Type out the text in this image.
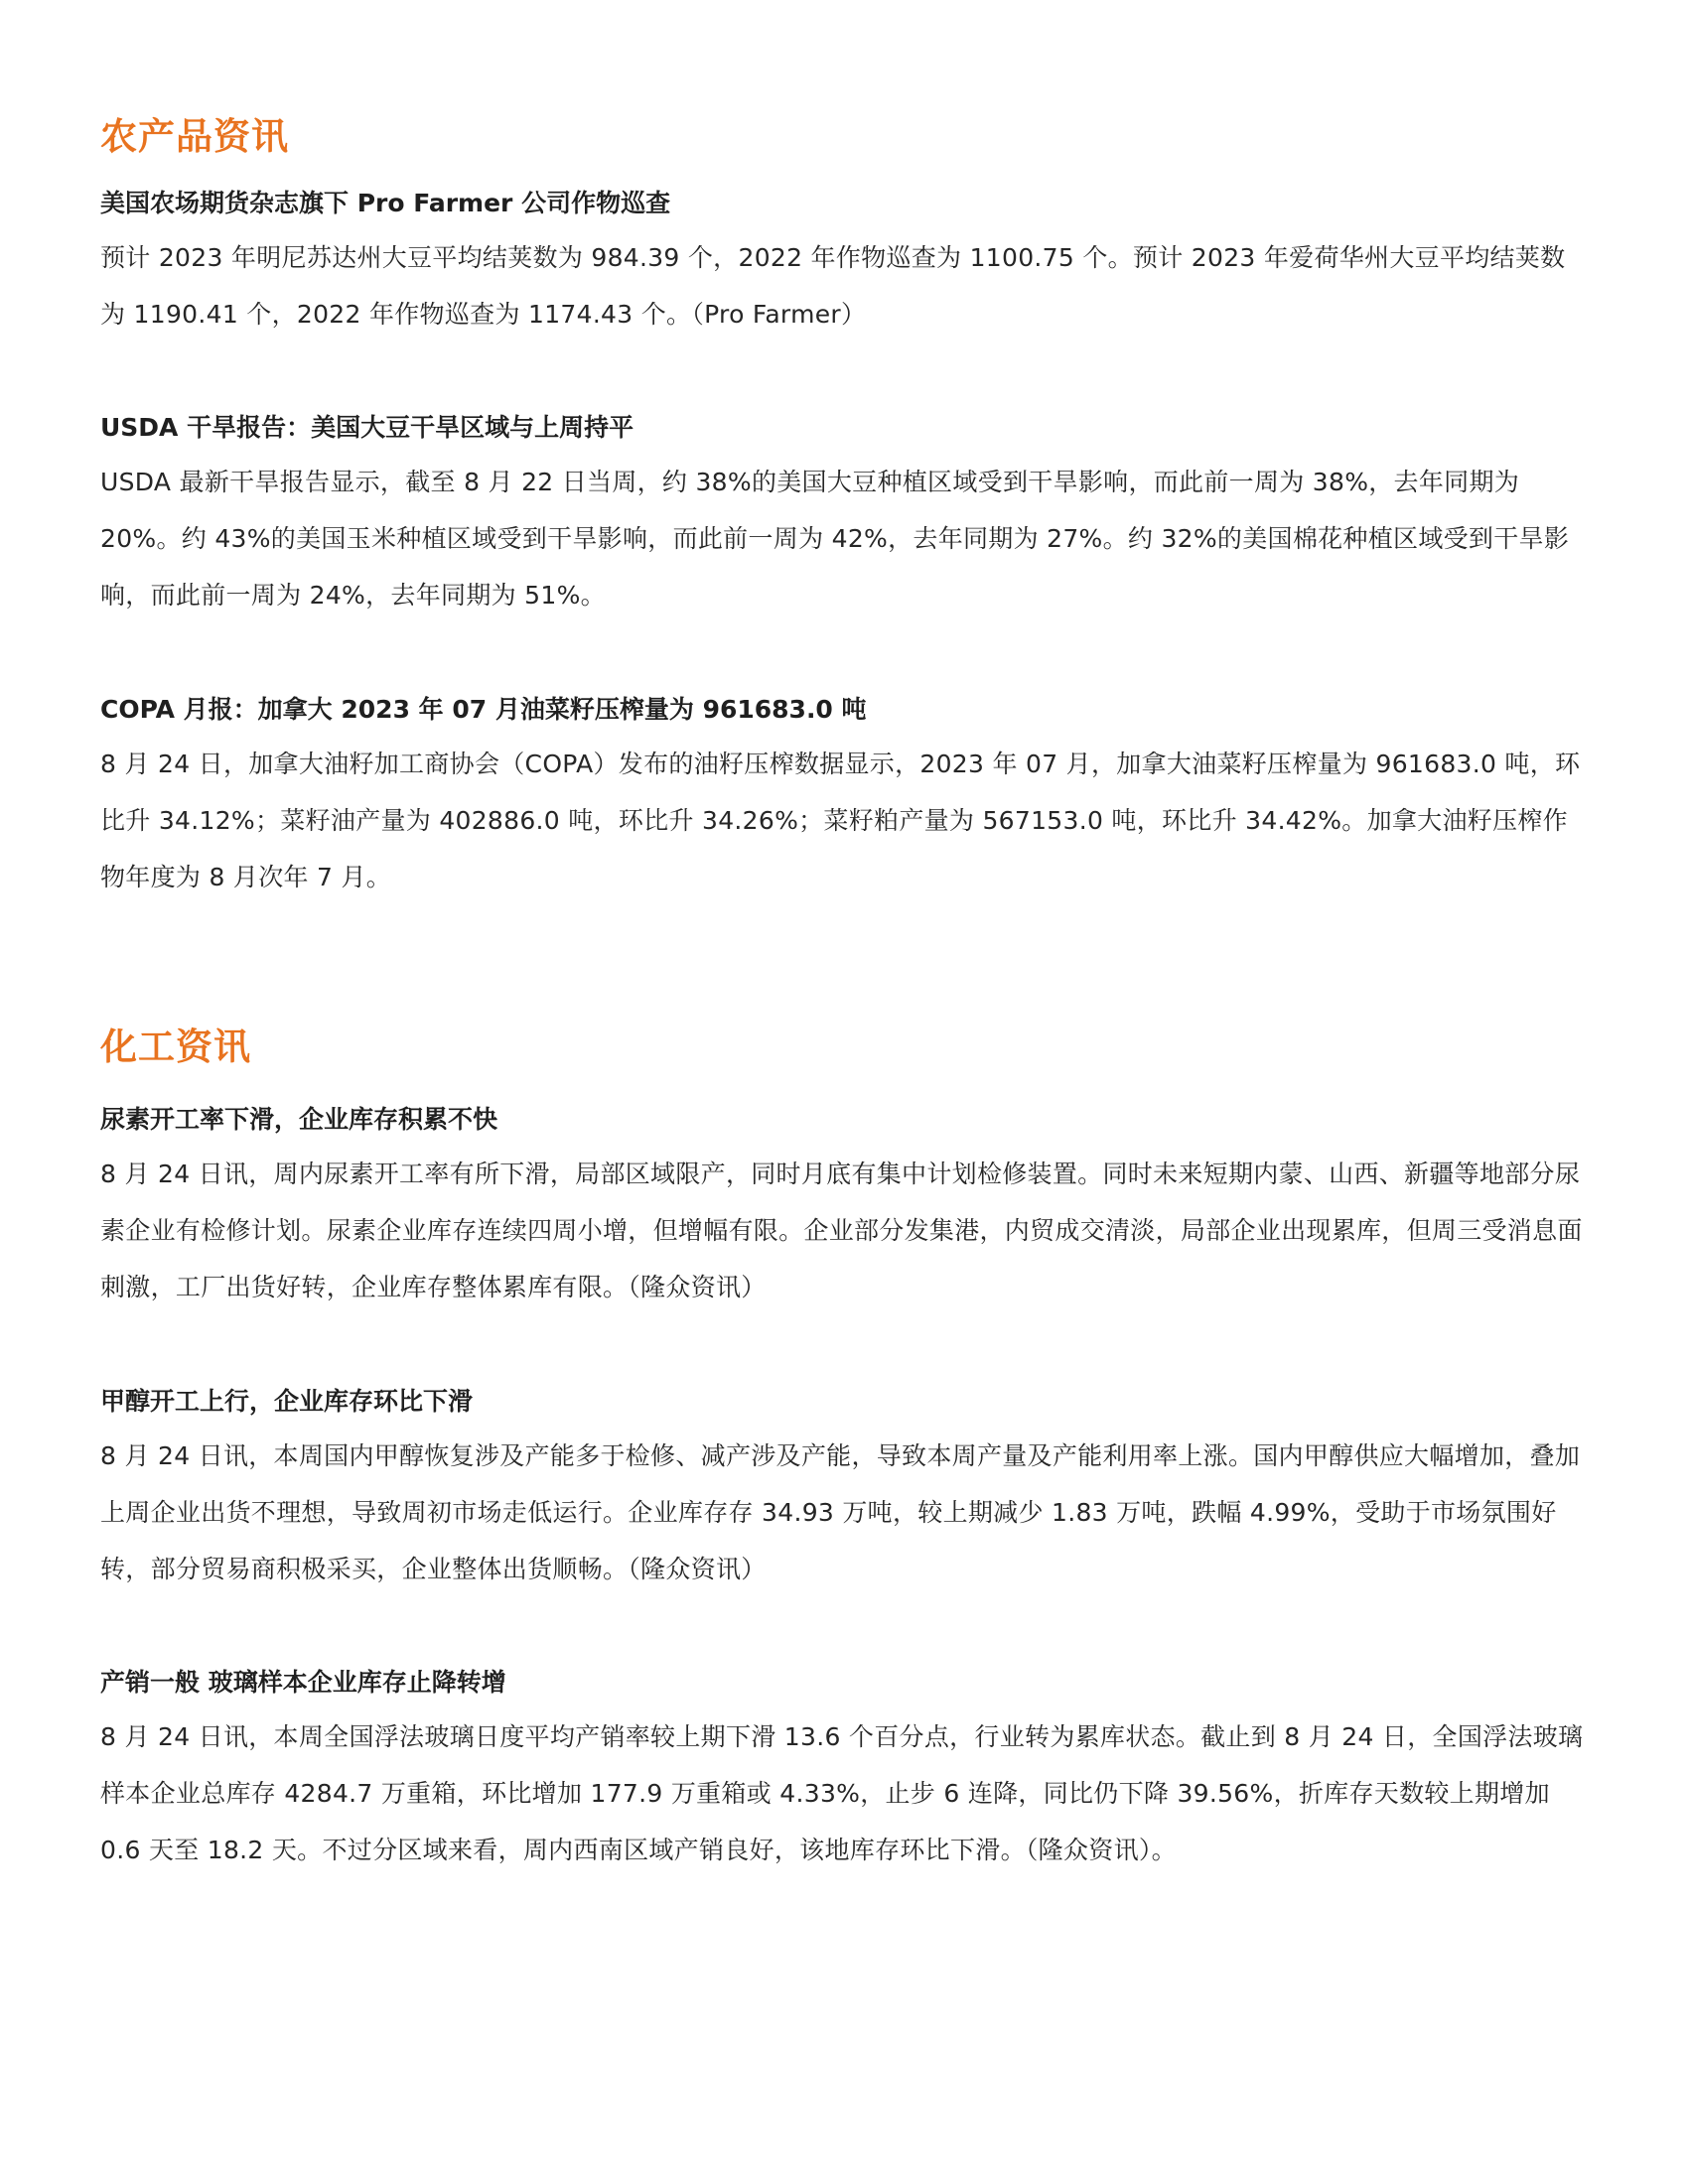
农产品资讯
美国农场期货杂志旗下 Pro Farmer 公司作物巡查

预计 2023 年明尼苏达州大豆平均结荚数为 984.39 个，2022 年作物巡查为 1100.75 个。预计 2023 年爱荷华州大豆平均结荚数为 1190.41 个，2022 年作物巡查为 1174.43 个。（Pro Farmer）

USDA 干旱报告：美国大豆干旱区域与上周持平

USDA 最新干旱报告显示，截至 8 月 22 日当周，约 38%的美国大豆种植区域受到干旱影响，而此前一周为 38%，去年同期为 20%。约 43%的美国玉米种植区域受到干旱影响，而此前一周为 42%，去年同期为 27%。约 32%的美国棉花种植区域受到干旱影响，而此前一周为 24%，去年同期为 51%。

COPA 月报：加拿大 2023 年 07 月油菜籽压榨量为 961683.0 吨

8 月 24 日，加拿大油籽加工商协会（COPA）发布的油籽压榨数据显示，2023 年 07 月，加拿大油菜籽压榨量为 961683.0 吨，环比升 34.12%；菜籽油产量为 402886.0 吨，环比升 34.26%；菜籽粕产量为 567153.0 吨，环比升 34.42%。加拿大油籽压榨作物年度为 8 月次年 7 月。

化工资讯
尿素开工率下滑，企业库存积累不快

8 月 24 日讯，周内尿素开工率有所下滑，局部区域限产，同时月底有集中计划检修装置。同时未来短期内蒙、山西、新疆等地部分尿素企业有检修计划。尿素企业库存连续四周小增，但增幅有限。企业部分发集港，内贸成交清淡，局部企业出现累库，但周三受消息面刺激，工厂出货好转，企业库存整体累库有限。（隆众资讯）

甲醇开工上行，企业库存环比下滑

8 月 24 日讯，本周国内甲醇恢复涉及产能多于检修、减产涉及产能，导致本周产量及产能利用率上涨。国内甲醇供应大幅增加，叠加上周企业出货不理想，导致周初市场走低运行。企业库存存 34.93 万吨，较上期减少 1.83 万吨，跌幅 4.99%，受助于市场氛围好转，部分贸易商积极采买，企业整体出货顺畅。（隆众资讯）

产销一般 玻璃样本企业库存止降转增

8 月 24 日讯，本周全国浮法玻璃日度平均产销率较上期下滑 13.6 个百分点，行业转为累库状态。截止到 8 月 24 日，全国浮法玻璃样本企业总库存 4284.7 万重箱，环比增加 177.9 万重箱或 4.33%，止步 6 连降，同比仍下降 39.56%，折库存天数较上期增加 0.6 天至 18.2 天。不过分区域来看，周内西南区域产销良好，该地库存环比下滑。（隆众资讯）。
